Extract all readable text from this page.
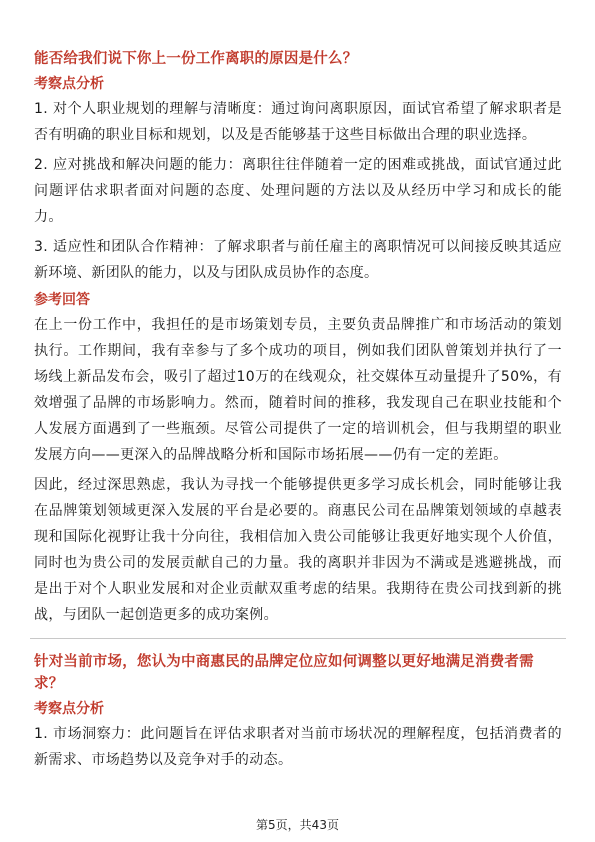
能否给我们说下你上一份工作离职的原因是什么？
考察点分析

1. 对个人职业规划的理解与清晰度：通过询问离职原因，面试官希望了解求职者是否有明确的职业目标和规划，以及是否能够基于这些目标做出合理的职业选择。

2. 应对挑战和解决问题的能力：离职往往伴随着一定的困难或挑战，面试官通过此问题评估求职者面对问题的态度、处理问题的方法以及从经历中学习和成长的能力。

3. 适应性和团队合作精神：了解求职者与前任雇主的离职情况可以间接反映其适应新环境、新团队的能力，以及与团队成员协作的态度。

参考回答

在上一份工作中，我担任的是市场策划专员，主要负责品牌推广和市场活动的策划执行。工作期间，我有幸参与了多个成功的项目，例如我们团队曾策划并执行了一场线上新品发布会，吸引了超过10万的在线观众，社交媒体互动量提升了50%，有效增强了品牌的市场影响力。然而，随着时间的推移，我发现自己在职业技能和个人发展方面遇到了一些瓶颈。尽管公司提供了一定的培训机会，但与我期望的职业发展方向——更深入的品牌战略分析和国际市场拓展——仍有一定的差距。

因此，经过深思熟虑，我认为寻找一个能够提供更多学习成长机会，同时能够让我在品牌策划领域更深入发展的平台是必要的。商惠民公司在品牌策划领域的卓越表现和国际化视野让我十分向往，我相信加入贵公司能够让我更好地实现个人价值，同时也为贵公司的发展贡献自己的力量。我的离职并非因为不满或是逃避挑战，而是出于对个人职业发展和对企业贡献双重考虑的结果。我期待在贵公司找到新的挑战，与团队一起创造更多的成功案例。

针对当前市场，您认为中商惠民的品牌定位应如何调整以更好地满足消费者需求？
考察点分析

1. 市场洞察力：此问题旨在评估求职者对当前市场状况的理解程度，包括消费者的新需求、市场趋势以及竞争对手的动态。

第5页，共43页
